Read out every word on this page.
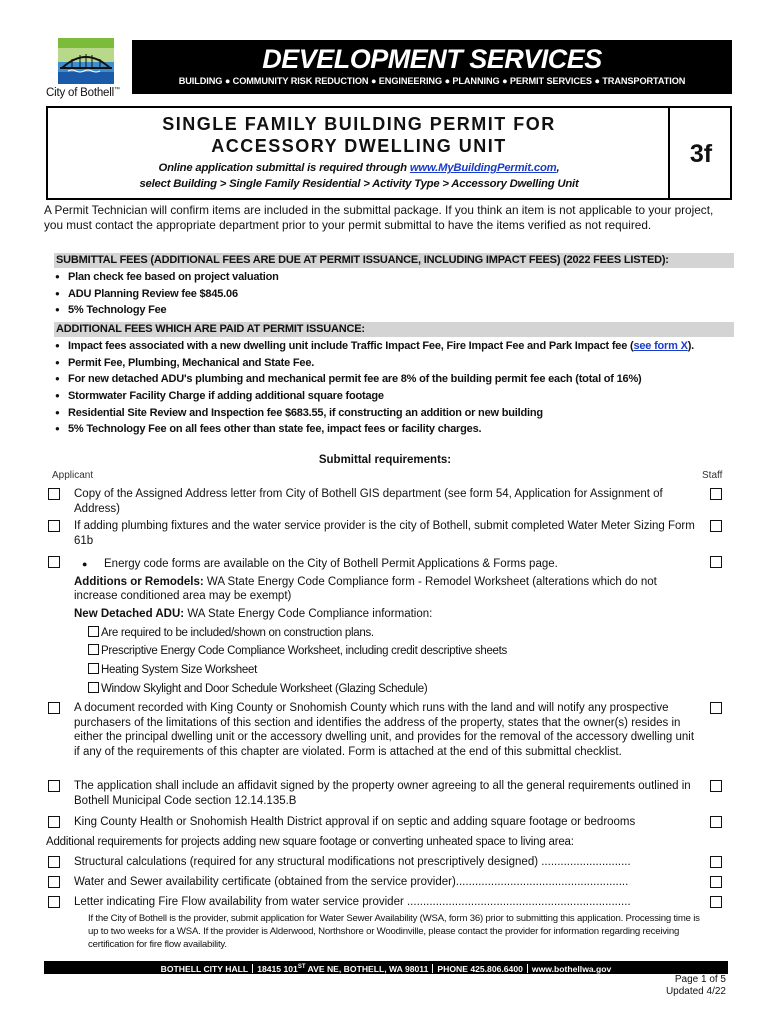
City of Bothell™
DEVELOPMENT SERVICES
BUILDING ● COMMUNITY RISK REDUCTION ● ENGINEERING ● PLANNING ● PERMIT SERVICES ● TRANSPORTATION
SINGLE FAMILY BUILDING PERMIT FOR
ACCESSORY DWELLING UNIT
Online application submittal is required through www.MyBuildingPermit.com,
select Building > Single Family Residential > Activity Type > Accessory Dwelling Unit
3f
A Permit Technician will confirm items are included in the submittal package. If you think an item is not applicable to your project, you must contact the appropriate department prior to your permit submittal to have the items verified as not required.
SUBMITTAL FEES (ADDITIONAL FEES ARE DUE AT PERMIT ISSUANCE, INCLUDING IMPACT FEES) (2022 FEES LISTED):
● Plan check fee based on project valuation
● ADU Planning Review fee $845.06
● 5% Technology Fee
ADDITIONAL FEES WHICH ARE PAID AT PERMIT ISSUANCE:
● Impact fees associated with a new dwelling unit include Traffic Impact Fee, Fire Impact Fee and Park Impact fee (see form X).
● Permit Fee, Plumbing, Mechanical and State Fee.
● For new detached ADU's plumbing and mechanical permit fee are 8% of the building permit fee each (total of 16%)
● Stormwater Facility Charge if adding additional square footage
● Residential Site Review and Inspection fee $683.55, if constructing an addition or new building
● 5% Technology Fee on all fees other than state fee, impact fees or facility charges.
Submittal requirements:
Applicant	Staff
Copy of the Assigned Address letter from City of Bothell GIS department (see form 54, Application for Assignment of Address)
If adding plumbing fixtures and the water service provider is the city of Bothell, submit completed Water Meter Sizing Form 61b
● Energy code forms are available on the City of Bothell Permit Applications & Forms page.
Additions or Remodels: WA State Energy Code Compliance form - Remodel Worksheet (alterations which do not increase conditioned area may be exempt)
New Detached ADU: WA State Energy Code Compliance information:
Are required to be included/shown on construction plans.
Prescriptive Energy Code Compliance Worksheet, including credit descriptive sheets
Heating System Size Worksheet
Window Skylight and Door Schedule Worksheet (Glazing Schedule)
A document recorded with King County or Snohomish County which runs with the land and will notify any prospective purchasers of the limitations of this section and identifies the address of the property, states that the owner(s) resides in either the principal dwelling unit or the accessory dwelling unit, and provides for the removal of the accessory dwelling unit if any of the requirements of this chapter are violated. Form is attached at the end of this submittal checklist.
The application shall include an affidavit signed by the property owner agreeing to all the general requirements outlined in Bothell Municipal Code section 12.14.135.B
King County Health or Snohomish Health District approval if on septic and adding square footage or bedrooms
Additional requirements for projects adding new square footage or converting unheated space to living area:
Structural calculations (required for any structural modifications not prescriptively designed) ............................
Water and Sewer availability certificate (obtained from the service provider)......................................................
Letter indicating Fire Flow availability from water service provider ......................................................................
If the City of Bothell is the provider, submit application for Water Sewer Availability (WSA, form 36) prior to submitting this application. Processing time is up to two weeks for a WSA. If the provider is Alderwood, Northshore or Woodinville, please contact the provider for information regarding receiving certification for fire flow availability.
BOTHELL CITY HALL 18415 101ST AVE NE, BOTHELL, WA 98011 PHONE 425.806.6400 www.bothellwa.gov
Page 1 of 5
Updated 4/22
